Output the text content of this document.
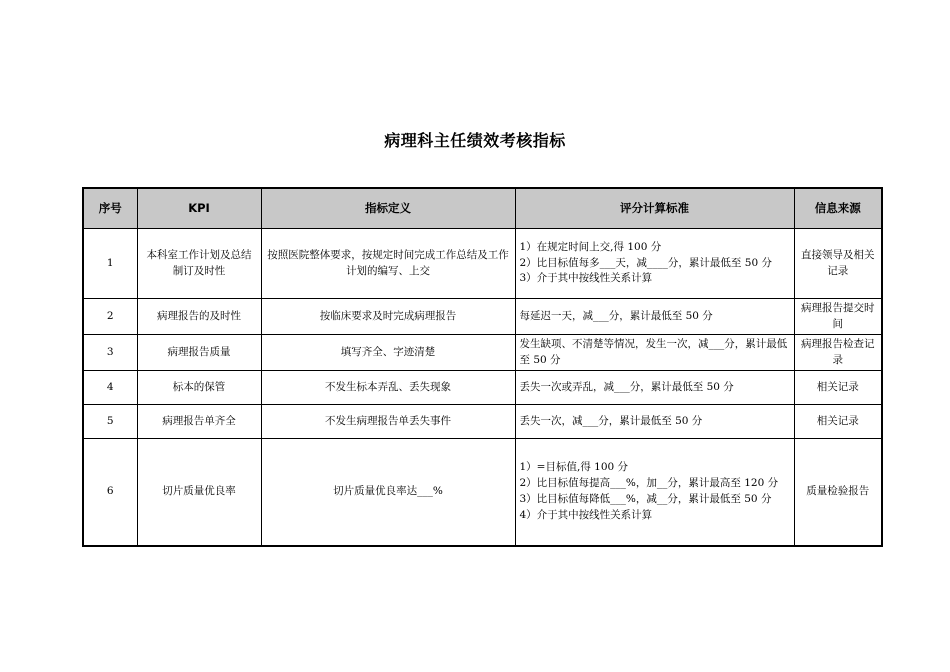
病理科主任绩效考核指标
序号	KPI	指标定义	评分计算标准	信息来源
1	本科室工作计划及总结制订及时性	按照医院整体要求，按规定时间完成工作总结及工作计划的编写、上交	1）在规定时间上交,得 100 分
2）比目标值每多___天，减____分，累计最低至 50 分
3）介于其中按线性关系计算	直接领导及相关记录
2	病理报告的及时性	按临床要求及时完成病理报告	每延迟一天，减___分，累计最低至 50 分	病理报告提交时间
3	病理报告质量	填写齐全、字迹清楚	发生缺项、不清楚等情况，发生一次，减___分，累计最低至 50 分	病理报告检查记录
4	标本的保管	不发生标本弄乱、丢失现象	丢失一次或弄乱，减___分，累计最低至 50 分	相关记录
5	病理报告单齐全	不发生病理报告单丢失事件	丢失一次，减___分，累计最低至 50 分	相关记录
6	切片质量优良率	切片质量优良率达___%	1）=目标值,得 100 分
2）比目标值每提高___%，加__分，累计最高至 120 分
3）比目标值每降低___%，减__分，累计最低至 50 分
4）介于其中按线性关系计算	质量检验报告
